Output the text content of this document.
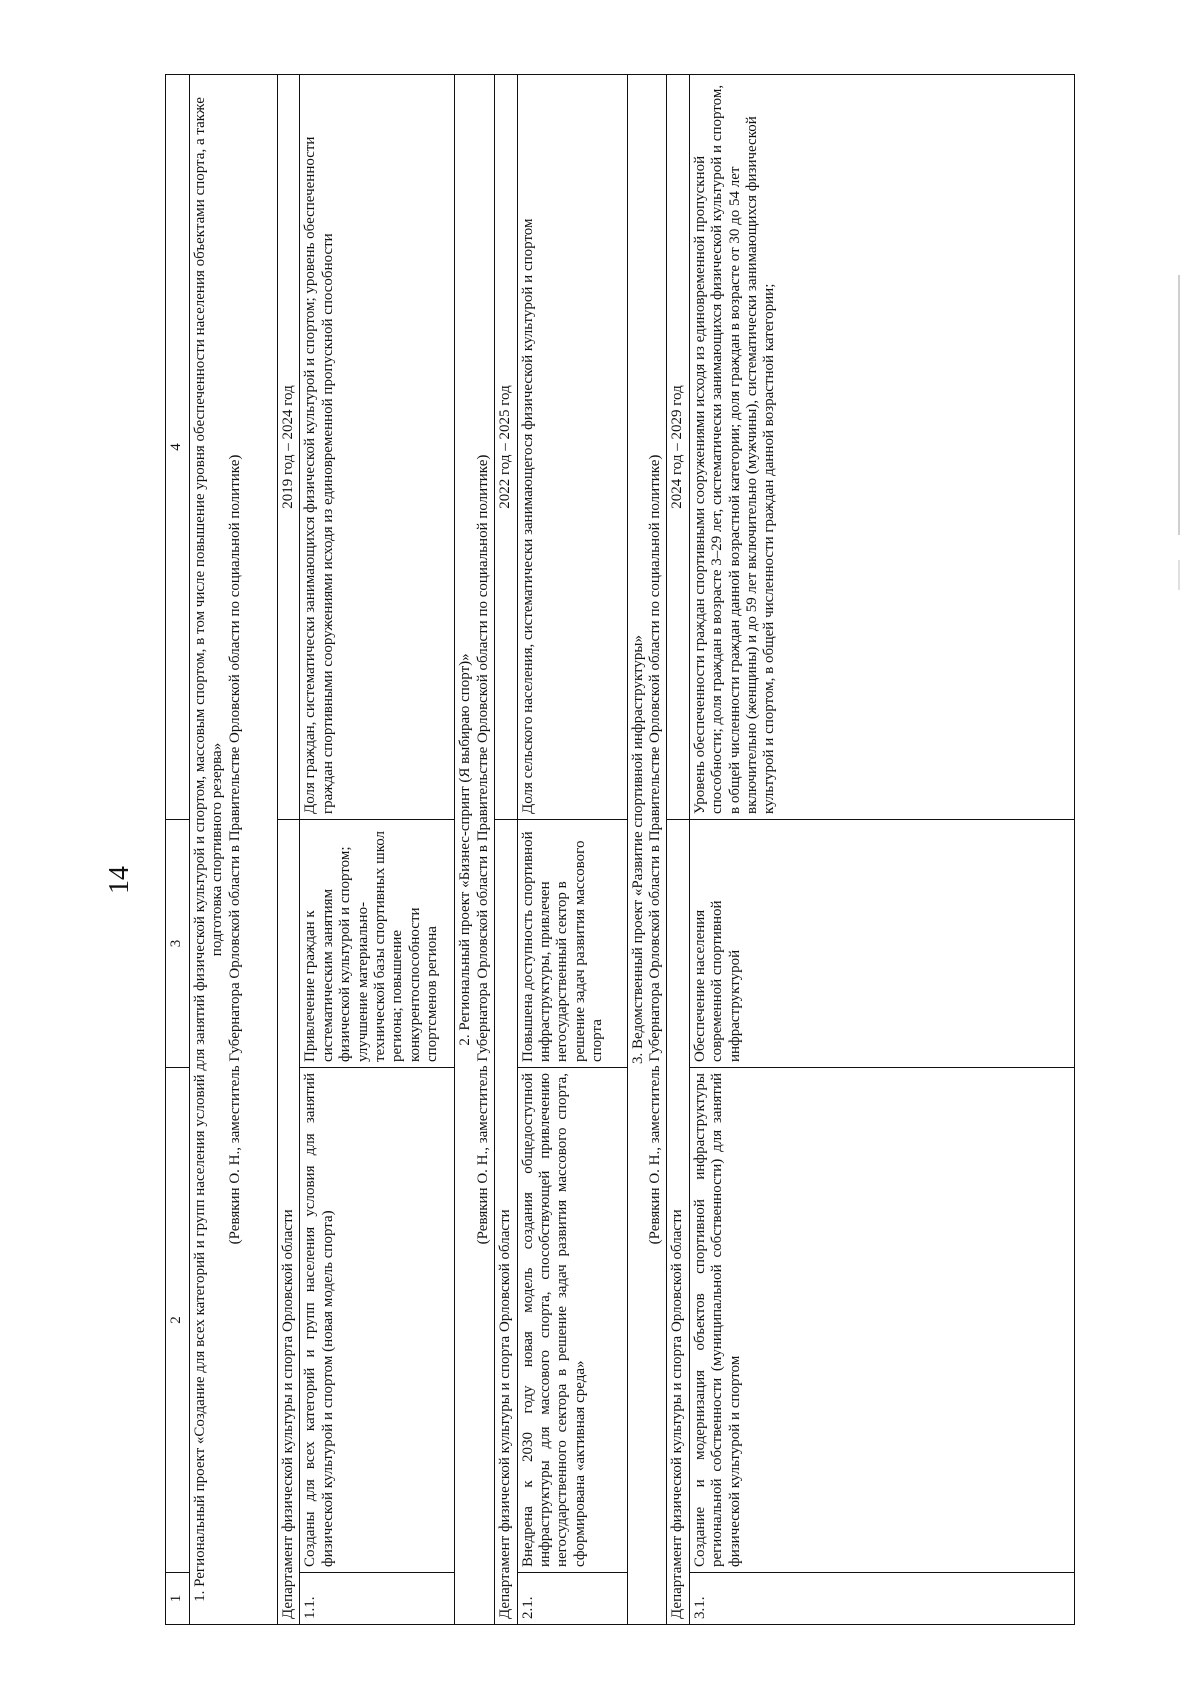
14
1	2	3	4

1. Региональный проект «Создание для всех категорий и групп населения условий для занятий физической культурой и спортом, массовым спортом, в том числе повышение уровня обеспеченности населения объектами спорта, а также подготовка спортивного резерва» (Ревякин О. Н., заместитель Губернатора Орловской области в Правительстве Орловской области по социальной политике)			

Департамент физической культуры и спорта Орловской области			2019 год – 2024 год
1.1.	Созданы для всех категорий и групп населения условия для занятий физической культурой и спортом (новая модель спорта)	Привлечение граждан к систематическим занятиям физической культурой и спортом; улучшение материально-технической базы спортивных школ региона; повышение конкурентоспособности спортсменов региона	Доля граждан, систематически занимающихся физической культурой и спортом; уровень обеспеченности граждан спортивными сооружениями исходя из единовременной пропускной способности

2. Региональный проект «Бизнес-спринт (Я выбираю спорт)» (Ревякин О. Н., заместитель Губернатора Орловской области в Правительстве Орловской области по социальной политике)			

Департамент физической культуры и спорта Орловской области			2022 год – 2025 год
2.1.	Внедрена к 2030 году новая модель создания общедоступной инфраструктуры для массового спорта, способствующей привлечению негосударственного сектора в решение задач развития массового спорта, сформирована «активная среда»	Повышена доступность спортивной инфраструктуры, привлечен негосударственный сектор в решение задач развития массового спорта	Доля сельского населения, систематически занимающегося физической культурой и спортом

3. Ведомственный проект «Развитие спортивной инфраструктуры» (Ревякин О. Н., заместитель Губернатора Орловской области в Правительстве Орловской области по социальной политике)			

Департамент физической культуры и спорта Орловской области			2024 год – 2029 год
3.1.	Создание и модернизация объектов спортивной инфраструктуры региональной собственности (муниципальной собственности) для занятий физической культурой и спортом	Обеспечение населения современной спортивной инфраструктурой	Уровень обеспеченности граждан спортивными сооружениями исходя из единовременной пропускной способности; доля граждан в возрасте 3–29 лет, систематически занимающихся физической культурой и спортом, в общей численности граждан данной возрастной категории; доля граждан в возрасте от 30 до 54 лет включительно (женщины) и до 59 лет включительно (мужчины), систематически занимающихся физической культурой и спортом, в общей численности граждан данной возрастной категории;
